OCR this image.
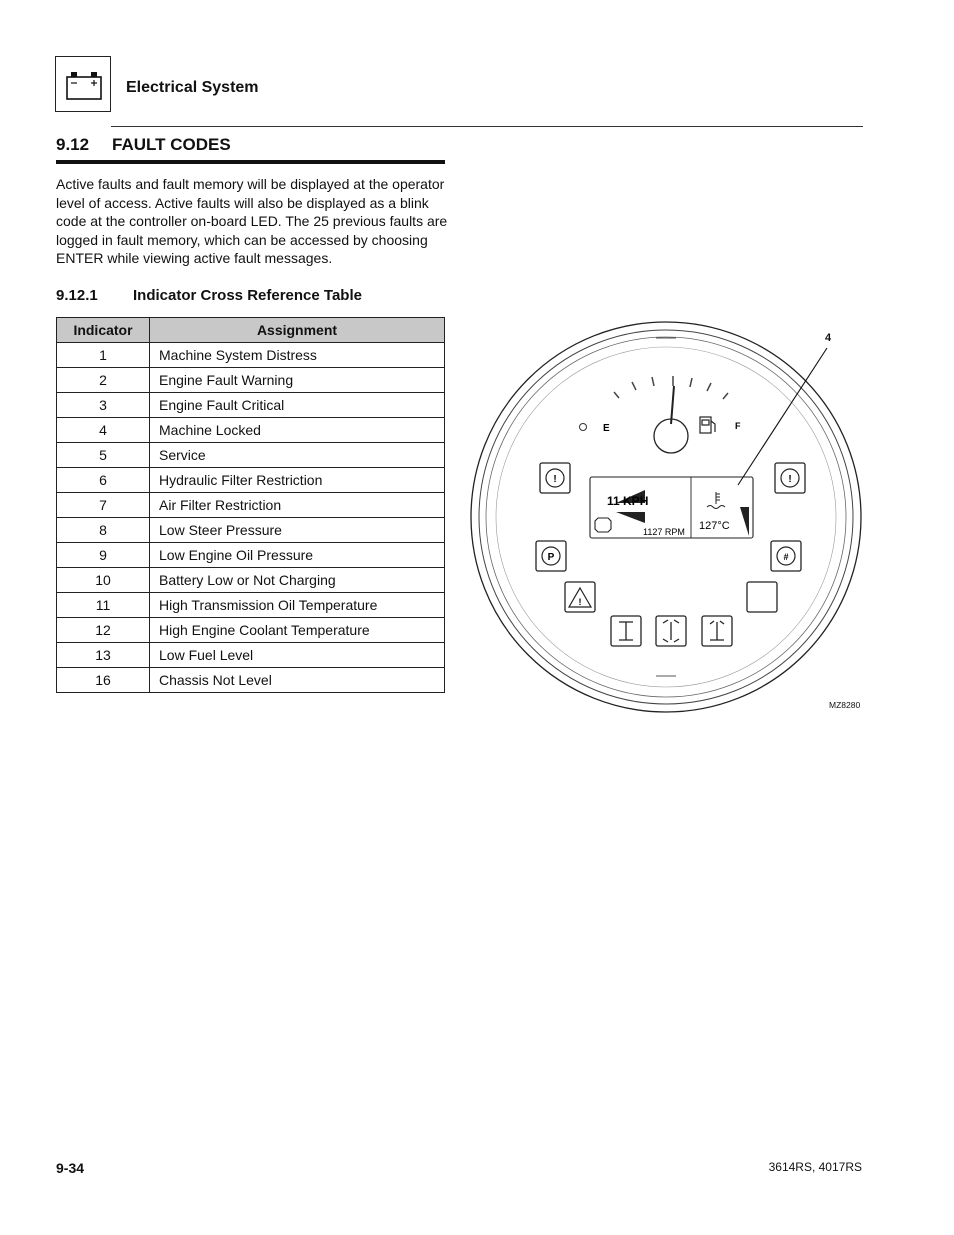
Electrical System
9.12 FAULT CODES

Active faults and fault memory will be displayed at the operator level of access. Active faults will also be displayed as a blink code at the controller on-board LED. The 25 previous faults are logged in fault memory, which can be accessed by choosing ENTER while viewing active fault messages.

9.12.1 Indicator Cross Reference Table
Indicator	Assignment
1	Machine System Distress
2	Engine Fault Warning
3	Engine Fault Critical
4	Machine Locked
5	Service
6	Hydraulic Filter Restriction
7	Air Filter Restriction
8	Low Steer Pressure
9	Low Engine Oil Pressure
10	Battery Low or Not Charging
11	High Transmission Oil Temperature
12	High Engine Coolant Temperature
13	Low Fuel Level
16	Chassis Not Level
E	F
11 KPH
1127 RPM 127°C
!	!
P	#
!
4
MZ8280
9-34	3614RS, 4017RS
